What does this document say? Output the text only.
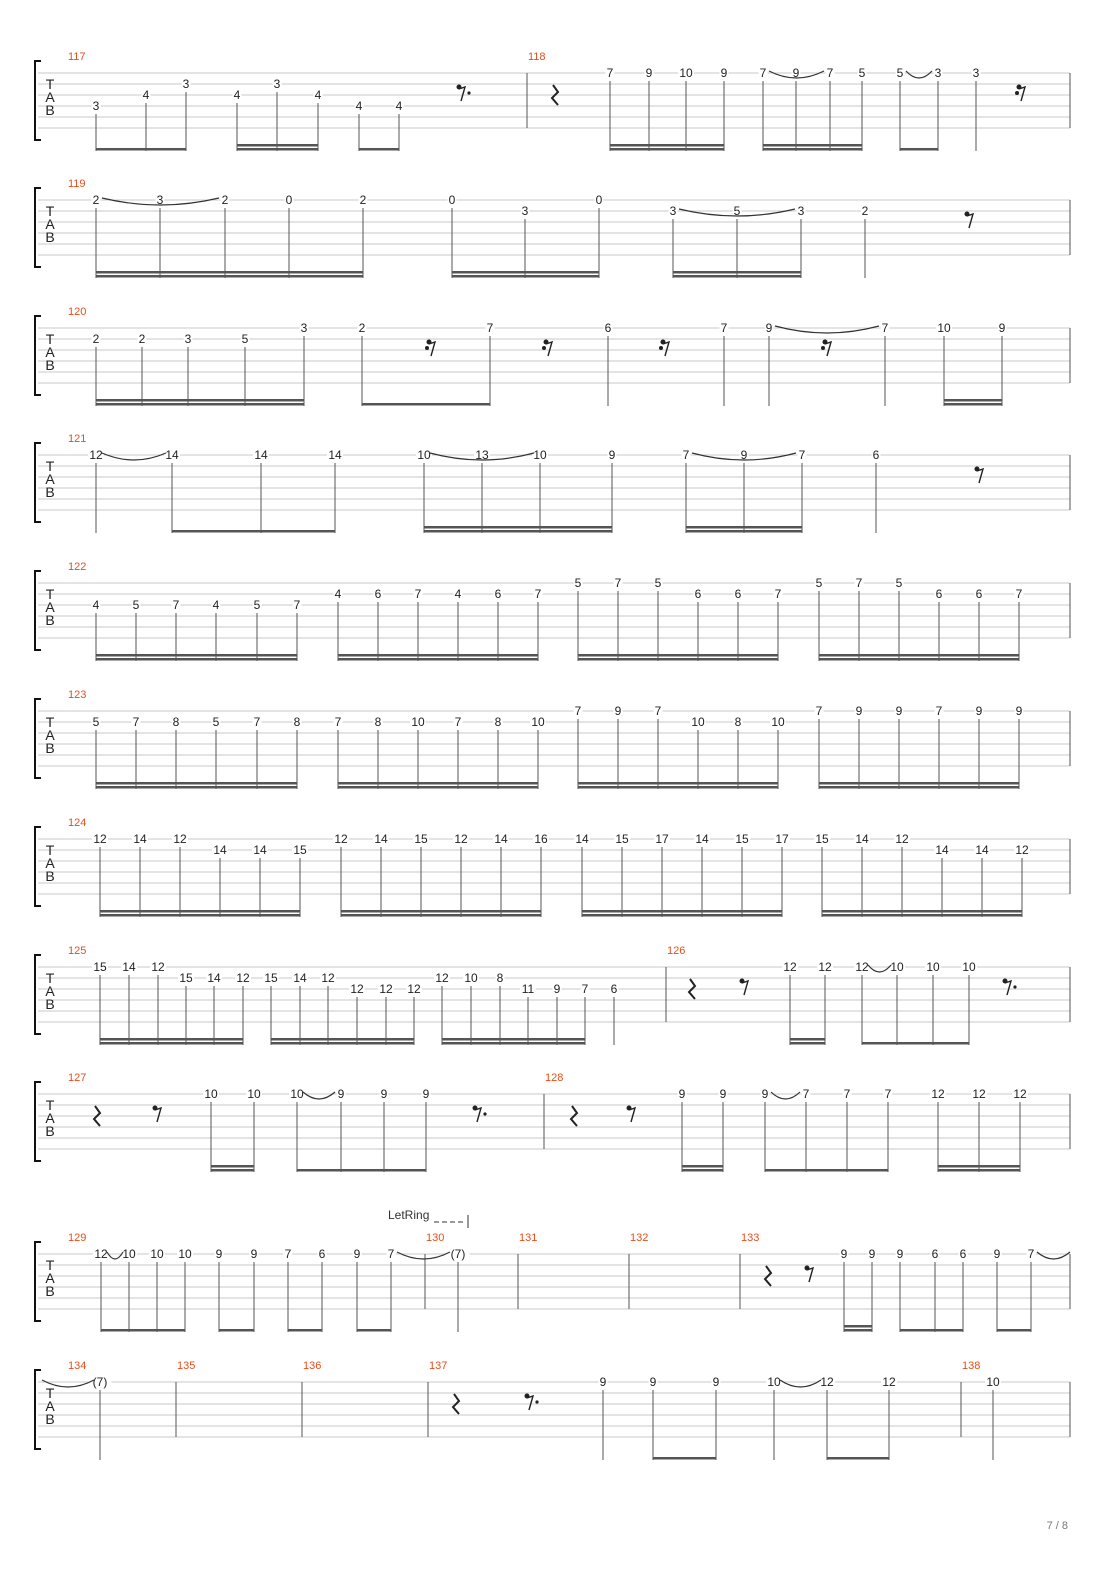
T
A
B
117
3
4
3
4
3
4
4	4
118
7	9 10 9	7 9 7 5	5	3	3
T
A
B
119
2	3	2	0	2	0
3
0
3	5	3	2
T
A
B
120
2	2	3	5
3	2	7	6	7	9	7	10	9
T
A
B
121
12	14	14	14	10	13	10	9	7	9	7	6
T
A
B
122
4	5	7	4	5	7
4	6	7	4	6	7
5	7	5
6	6	7
5	7	5
6	6	7
T
A
B
123
5	7	8	5	7	8	7	8 10 7	8 10
7	9	7
10 8 10
7	9	9	7	9	9
T
A
B
124
12 14 12
14 14 15
12 14 15 12 14 16 14 15 17 14 15 17 15 14 12
14 14 12
T
A
B
125
15 14 12
15 14 12 15 14 12
12 12 12
12 10 8
11 9 7 6
126
12 12 12 10 10 10
T
A
B
127
10 10 10	9	9	9
128
9	9	9	7	7	7	12 12 12
T
A
B
129
12 10 10 10 9 9 7 6 9 7
130
(7)
131	132	133
9 9 9 6 6 9 7
T
A
B
134
(7)
135	136	137
9	9	9	10	12	12
138
10
LetRing
7 / 8
